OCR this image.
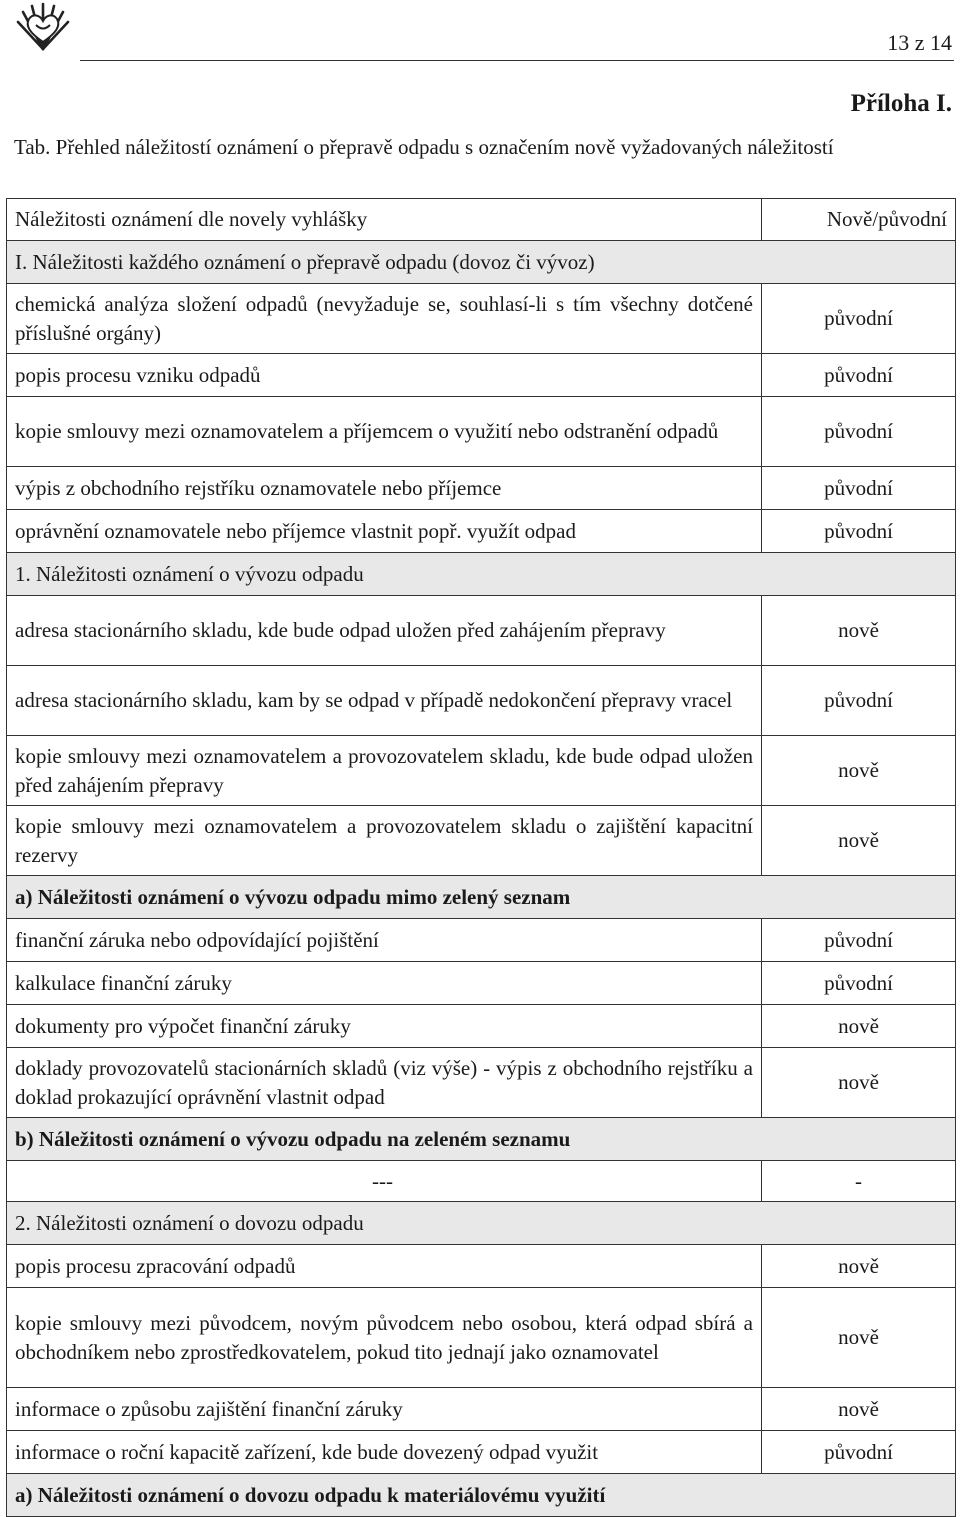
13 z 14
Příloha I.
Tab. Přehled náležitostí oznámení o přepravě odpadu s označením nově vyžadovaných náležitostí
Náležitosti oznámení dle novely vyhlášky	Nově/původní
I. Náležitosti každého oznámení o přepravě odpadu (dovoz či vývoz)	
chemická analýza složení odpadů (nevyžaduje se, souhlasí-li s tím všechny dotčené příslušné orgány)	původní
popis procesu vzniku odpadů	původní
kopie smlouvy mezi oznamovatelem a příjemcem o využití nebo odstranění odpadů	původní
výpis z obchodního rejstříku oznamovatele nebo příjemce	původní
oprávnění oznamovatele nebo příjemce vlastnit popř. využít odpad	původní
1. Náležitosti oznámení o vývozu odpadu	
adresa stacionárního skladu, kde bude odpad uložen před zahájením přepravy	nově
adresa stacionárního skladu, kam by se odpad v případě nedokončení přepravy vracel	původní
kopie smlouvy mezi oznamovatelem a provozovatelem skladu, kde bude odpad uložen před zahájením přepravy	nově
kopie smlouvy mezi oznamovatelem a provozovatelem skladu o zajištění kapacitní rezervy	nově
a) Náležitosti oznámení o vývozu odpadu mimo zelený seznam	
finanční záruka nebo odpovídající pojištění	původní
kalkulace finanční záruky	původní
dokumenty pro výpočet finanční záruky	nově
doklady provozovatelů stacionárních skladů (viz výše) - výpis z obchodního rejstříku a doklad prokazující oprávnění vlastnit odpad	nově
b) Náležitosti oznámení o vývozu odpadu na zeleném seznamu	
---	-
2. Náležitosti oznámení o dovozu odpadu	
popis procesu zpracování odpadů	nově
kopie smlouvy mezi původcem, novým původcem nebo osobou, která odpad sbírá a obchodníkem nebo zprostředkovatelem, pokud tito jednají jako oznamovatel	nově
informace o způsobu zajištění finanční záruky	nově
informace o roční kapacitě zařízení, kde bude dovezený odpad využit	původní
a) Náležitosti oznámení o dovozu odpadu k materiálovému využití	
